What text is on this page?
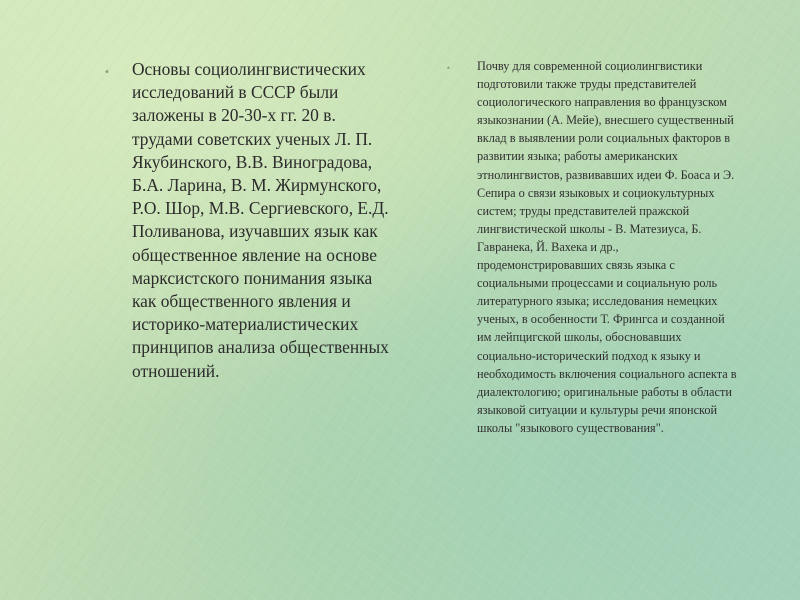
•	Основы социолингвистических исследований в СССР были заложены в 20-30-х гг. 20 в. трудами советских ученых Л. П. Якубинского, В.В. Виноградова, Б.А. Ларина, В. М. Жирмунского, Р.О. Шор, М.В. Сергиевского, Е.Д. Поливанова, изучавших язык как общественное явление на основе марксистского понимания языка как общественного явления и историко-материалистических принципов анализа общественных отношений.

•	Почву для современной социолингвистики подготовили также труды представителей социологического направления во французском языкознании (А. Мейе), внесшего существенный вклад в выявлении роли социальных факторов в развитии языка; работы американских этнолингвистов, развивавших идеи Ф. Боаса и Э. Сепира о связи языковых и социокультурных систем; труды представителей пражской лингвистической школы - В. Матезиуса, Б. Гавранека, Й. Вахека и др., продемонстрировавших связь языка с социальными процессами и социальную роль литературного языка; исследования немецких ученых, в особенности Т. Фрингса и созданной им лейпцигской школы, обосновавших социально-исторический подход к языку и необходимость включения социального аспекта в диалектологию; оригинальные работы в области языковой ситуации и культуры речи японской школы "языкового существования".
